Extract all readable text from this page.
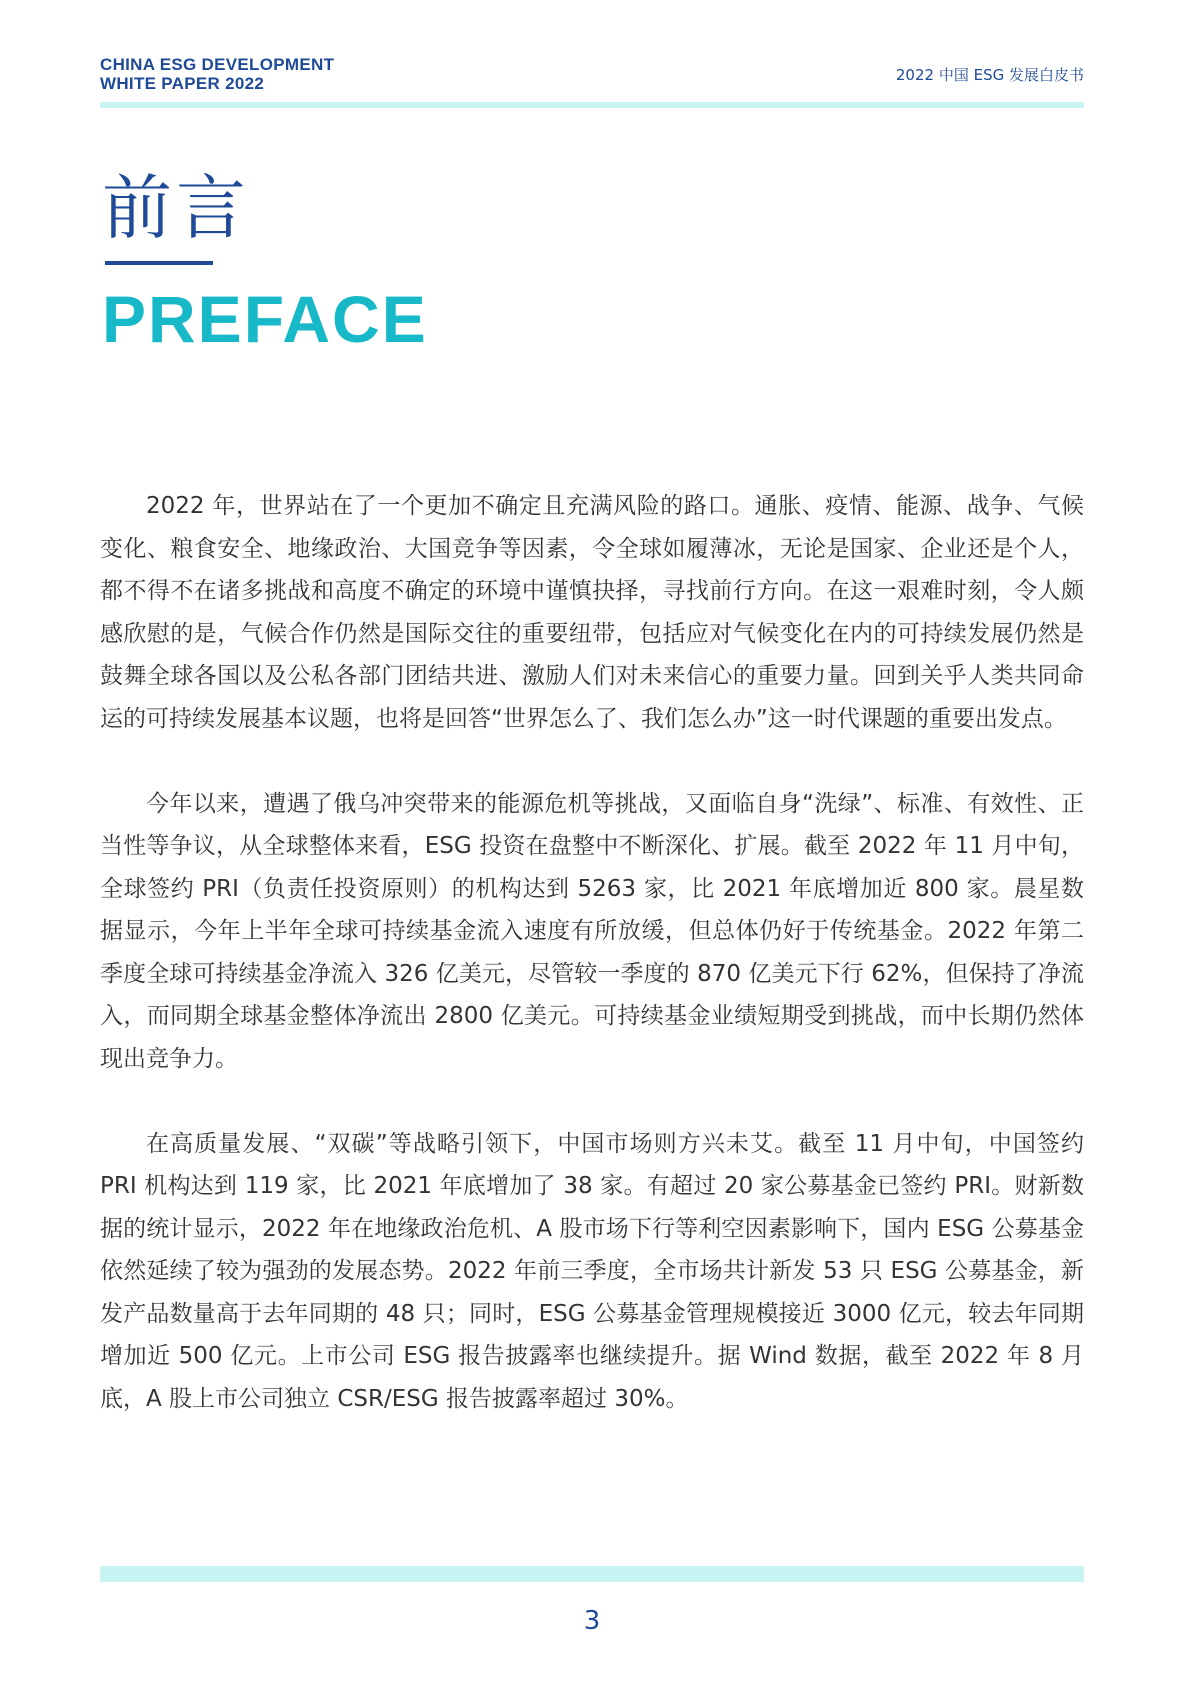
CHINA ESG DEVELOPMENT
WHITE PAPER 2022	2022 中国 ESG 发展白皮书
前言
PREFACE

2022 年，世界站在了一个更加不确定且充满风险的路口。通胀、疫情、能源、战争、气候变化、粮食安全、地缘政治、大国竞争等因素，令全球如履薄冰，无论是国家、企业还是个人，都不得不在诸多挑战和高度不确定的环境中谨慎抉择，寻找前行方向。在这一艰难时刻，令人颇感欣慰的是，气候合作仍然是国际交往的重要纽带，包括应对气候变化在内的可持续发展仍然是鼓舞全球各国以及公私各部门团结共进、激励人们对未来信心的重要力量。回到关乎人类共同命运的可持续发展基本议题，也将是回答“世界怎么了、我们怎么办”这一时代课题的重要出发点。

今年以来，遭遇了俄乌冲突带来的能源危机等挑战，又面临自身“洗绿”、标准、有效性、正当性等争议，从全球整体来看，ESG 投资在盘整中不断深化、扩展。截至 2022 年 11 月中旬，全球签约 PRI（负责任投资原则）的机构达到 5263 家，比 2021 年底增加近 800 家。晨星数据显示，今年上半年全球可持续基金流入速度有所放缓，但总体仍好于传统基金。2022 年第二季度全球可持续基金净流入 326 亿美元，尽管较一季度的 870 亿美元下行 62%，但保持了净流入，而同期全球基金整体净流出 2800 亿美元。可持续基金业绩短期受到挑战，而中长期仍然体现出竞争力。

在高质量发展、“双碳”等战略引领下，中国市场则方兴未艾。截至 11 月中旬，中国签约 PRI 机构达到 119 家，比 2021 年底增加了 38 家。有超过 20 家公募基金已签约 PRI。财新数据的统计显示，2022 年在地缘政治危机、A 股市场下行等利空因素影响下，国内 ESG 公募基金依然延续了较为强劲的发展态势。2022 年前三季度，全市场共计新发 53 只 ESG 公募基金，新发产品数量高于去年同期的 48 只；同时，ESG 公募基金管理规模接近 3000 亿元，较去年同期增加近 500 亿元。上市公司 ESG 报告披露率也继续提升。据 Wind 数据，截至 2022 年 8 月底，A 股上市公司独立 CSR/ESG 报告披露率超过 30%。

3
